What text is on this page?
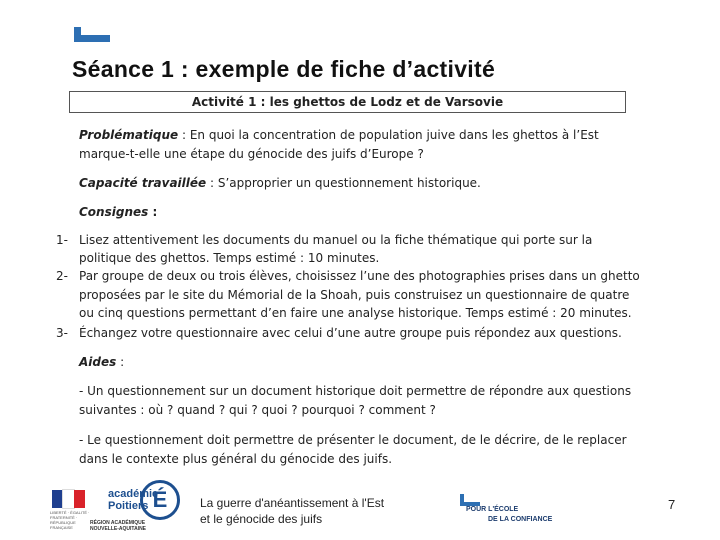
Séance 1 : exemple de fiche d’activité
Activité 1 : les ghettos de Lodz et de Varsovie
Problématique : En quoi la concentration de population juive dans les ghettos à l’Est
marque-t-elle une étape du génocide des juifs d’Europe ?
Capacité travaillée : S’approprier un questionnement historique.
Consignes :
1- Lisez attentivement les documents du manuel ou la fiche thématique qui porte sur la
politique des ghettos. Temps estimé : 10 minutes.
2- Par groupe de deux ou trois élèves, choisissez l’une des photographies prises dans un ghetto
proposées par le site du Mémorial de la Shoah, puis construisez un questionnaire de quatre
ou cinq questions permettant d’en faire une analyse historique. Temps estimé : 20 minutes.
3- Échangez votre questionnaire avec celui d’une autre groupe puis répondez aux questions.
Aides :
- Un questionnement sur un document historique doit permettre de répondre aux questions
suivantes : où ? quand ? qui ? quoi ? pourquoi ? comment ?
- Le questionnement doit permettre de présenter le document, de le décrire, de le replacer
dans le contexte plus général du génocide des juifs.
LIBERTÉ · ÉGALITÉ · FRATERNITÉ · RÉPUBLIQUE FRANÇAISE
académie
Poitiers É
RÉGION ACADÉMIQUE NOUVELLE-AQUITAINE
La guerre d'anéantissement à l'Est
et le génocide des juifs
POUR L'ÉCOLE
DE LA CONFIANCE
7
